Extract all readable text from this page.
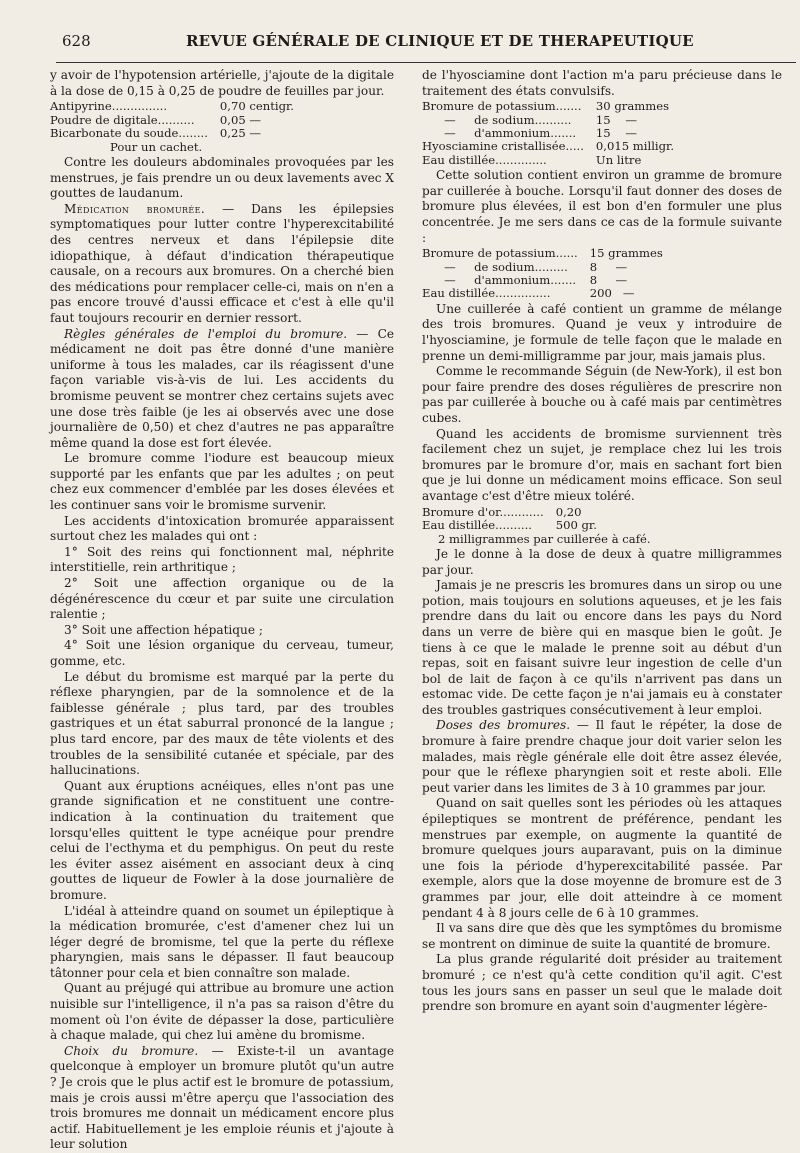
628	REVUE GÉNÉRALE DE CLINIQUE ET DE THERAPEUTIQUE

y avoir de l'hypotension artérielle, j'ajoute de la digitale à la dose de 0,15 à 0,25 de poudre de feuilles par jour.

Antipyrine...............	0,70 centigr.
Poudre de digitale..........	0,05 —
Bicarbonate du soude........	0,25 —
Pour un cachet.

Contre les douleurs abdominales provoquées par les menstrues, je fais prendre un ou deux lavements avec X gouttes de laudanum.

Médication bromurée. — Dans les épilepsies symptomatiques pour lutter contre l'hyperexcitabilité des centres nerveux et dans l'épilepsie dite idiopathique, à défaut d'indication thérapeutique causale, on a recours aux bromures. On a cherché bien des médications pour remplacer celle-ci, mais on n'en a pas encore trouvé d'aussi efficace et c'est à elle qu'il faut toujours recourir en dernier ressort.

Règles générales de l'emploi du bromure. — Ce médicament ne doit pas être donné d'une manière uniforme à tous les malades, car ils réagissent d'une façon variable vis-à-vis de lui. Les accidents du bromisme peuvent se montrer chez certains sujets avec une dose très faible (je les ai observés avec une dose journalière de 0,50) et chez d'autres ne pas apparaître même quand la dose est fort élevée.

Le bromure comme l'iodure est beaucoup mieux supporté par les enfants que par les adultes ; on peut chez eux commencer d'emblée par les doses élevées et les continuer sans voir le bromisme survenir.

Les accidents d'intoxication bromurée apparaissent surtout chez les malades qui ont :

1° Soit des reins qui fonctionnent mal, néphrite interstitielle, rein arthritique ;

2° Soit une affection organique ou de la dégénérescence du cœur et par suite une circulation ralentie ;

3° Soit une affection hépatique ;

4° Soit une lésion organique du cerveau, tumeur, gomme, etc.

Le début du bromisme est marqué par la perte du réflexe pharyngien, par de la somnolence et de la faiblesse générale ; plus tard, par des troubles gastriques et un état saburral prononcé de la langue ; plus tard encore, par des maux de tête violents et des troubles de la sensibilité cutanée et spéciale, par des hallucinations.

Quant aux éruptions acnéiques, elles n'ont pas une grande signification et ne constituent une contre-indication à la continuation du traitement que lorsqu'elles quittent le type acnéique pour prendre celui de l'ecthyma et du pemphigus. On peut du reste les éviter assez aisément en associant deux à cinq gouttes de liqueur de Fowler à la dose journalière de bromure.

L'idéal à atteindre quand on soumet un épileptique à la médication bromurée, c'est d'amener chez lui un léger degré de bromisme, tel que la perte du réflexe pharyngien, mais sans le dépasser. Il faut beaucoup tâtonner pour cela et bien connaître son malade.

Quant au préjugé qui attribue au bromure une action nuisible sur l'intelligence, il n'a pas sa raison d'être du moment où l'on évite de dépasser la dose, particulière à chaque malade, qui chez lui amène du bromisme.

Choix du bromure. — Existe-t-il un avantage quelconque à employer un bromure plutôt qu'un autre ? Je crois que le plus actif est le bromure de potassium, mais je crois aussi m'être aperçu que l'association des trois bromures me donnait un médicament encore plus actif. Habituellement je les emploie réunis et j'ajoute à leur solution

de l'hyosciamine dont l'action m'a paru précieuse dans le traitement des états convulsifs.

Bromure de potassium.......	30 grammes
—     de sodium..........	15    —
—     d'ammonium.......	15    —
Hyosciamine cristallisée.....	0,015 milligr.
Eau distillée..............	Un litre

Cette solution contient environ un gramme de bromure par cuillerée à bouche. Lorsqu'il faut donner des doses de bromure plus élevées, il est bon d'en formuler une plus concentrée. Je me sers dans ce cas de la formule suivante :

Bromure de potassium......	15 grammes
—     de sodium.........	8     —
—     d'ammonium.......	8     —
Eau distillée...............	200   —

Une cuillerée à café contient un gramme de mélange des trois bromures. Quand je veux y introduire de l'hyosciamine, je formule de telle façon que le malade en prenne un demi-milligramme par jour, mais jamais plus.

Comme le recommande Séguin (de New-York), il est bon pour faire prendre des doses régulières de prescrire non pas par cuillerée à bouche ou à café mais par centimètres cubes.

Quand les accidents de bromisme surviennent très facilement chez un sujet, je remplace chez lui les trois bromures par le bromure d'or, mais en sachant fort bien que je lui donne un médicament moins efficace. Son seul avantage c'est d'être mieux toléré.

Bromure d'or............	0,20
Eau distillée..........	500 gr.
2 milligrammes par cuillerée à café.

Je le donne à la dose de deux à quatre milligrammes par jour.

Jamais je ne prescris les bromures dans un sirop ou une potion, mais toujours en solutions aqueuses, et je les fais prendre dans du lait ou encore dans les pays du Nord dans un verre de bière qui en masque bien le goût. Je tiens à ce que le malade le prenne soit au début d'un repas, soit en faisant suivre leur ingestion de celle d'un bol de lait de façon à ce qu'ils n'arrivent pas dans un estomac vide. De cette façon je n'ai jamais eu à constater des troubles gastriques consécutivement à leur emploi.

Doses des bromures. — Il faut le répéter, la dose de bromure à faire prendre chaque jour doit varier selon les malades, mais règle générale elle doit être assez élevée, pour que le réflexe pharyngien soit et reste aboli. Elle peut varier dans les limites de 3 à 10 grammes par jour.

Quand on sait quelles sont les périodes où les attaques épileptiques se montrent de préférence, pendant les menstrues par exemple, on augmente la quantité de bromure quelques jours auparavant, puis on la diminue une fois la période d'hyperexcitabilité passée. Par exemple, alors que la dose moyenne de bromure est de 3 grammes par jour, elle doit atteindre à ce moment pendant 4 à 8 jours celle de 6 à 10 grammes.

Il va sans dire que dès que les symptômes du bromisme se montrent on diminue de suite la quantité de bromure.

La plus grande régularité doit présider au traitement bromuré ; ce n'est qu'à cette condition qu'il agit. C'est tous les jours sans en passer un seul que le malade doit prendre son bromure en ayant soin d'augmenter légère-
